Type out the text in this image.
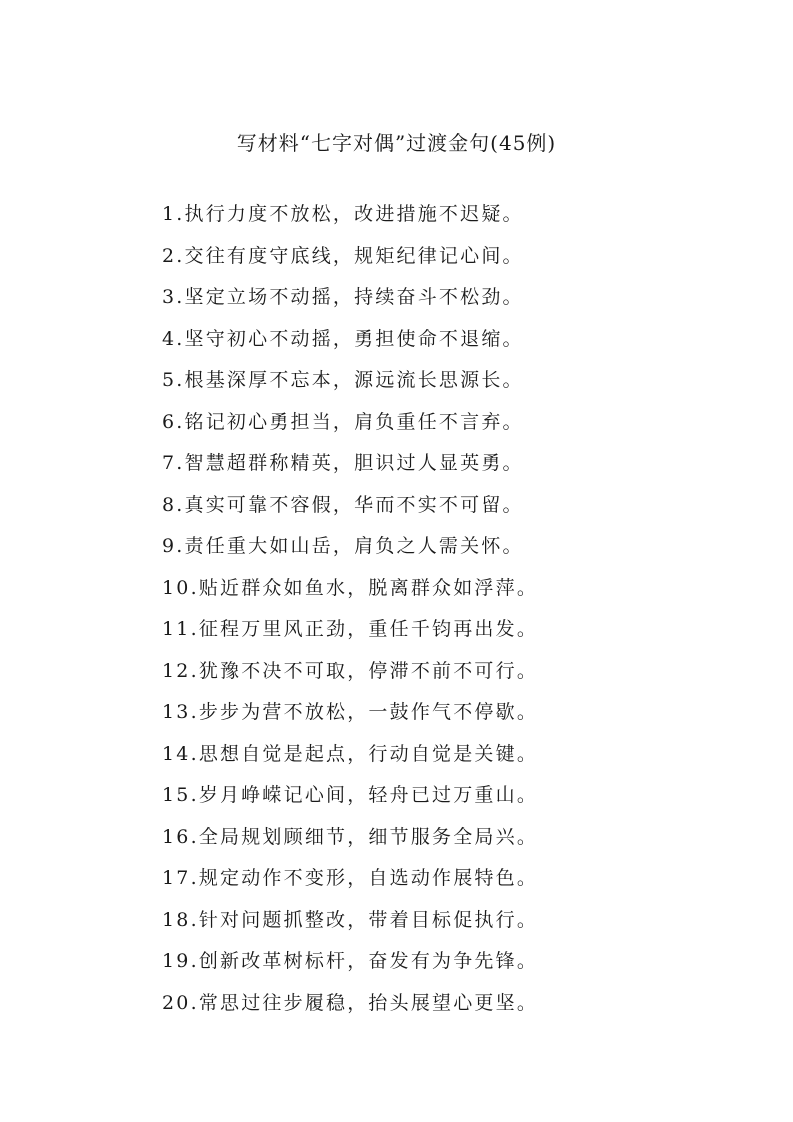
写材料“七字对偶”过渡金句(45例)
1.执行力度不放松，改进措施不迟疑。
2.交往有度守底线，规矩纪律记心间。
3.坚定立场不动摇，持续奋斗不松劲。
4.坚守初心不动摇，勇担使命不退缩。
5.根基深厚不忘本，源远流长思源长。
6.铭记初心勇担当，肩负重任不言弃。
7.智慧超群称精英，胆识过人显英勇。
8.真实可靠不容假，华而不实不可留。
9.责任重大如山岳，肩负之人需关怀。
10.贴近群众如鱼水，脱离群众如浮萍。
11.征程万里风正劲，重任千钧再出发。
12.犹豫不决不可取，停滞不前不可行。
13.步步为营不放松，一鼓作气不停歇。
14.思想自觉是起点，行动自觉是关键。
15.岁月峥嵘记心间，轻舟已过万重山。
16.全局规划顾细节，细节服务全局兴。
17.规定动作不变形，自选动作展特色。
18.针对问题抓整改，带着目标促执行。
19.创新改革树标杆，奋发有为争先锋。
20.常思过往步履稳，抬头展望心更坚。
